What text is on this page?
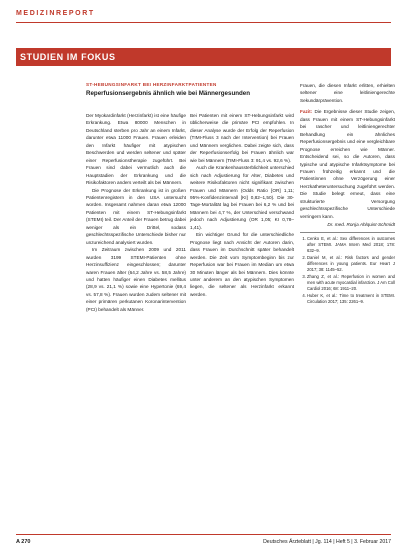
MEDIZINREPORT
STUDIEN IM FOKUS
ST-HEBUNGSINFARKT BEI HERZINFARKTPATIENTEN
Reperfusionsergebnis ähnlich wie bei Männergesunden

Der Myokardinfarkt (Herzinfarkt) ist eine häufige Erkrankung. Etwa 80000 Menschen in Deutschland sterben pro Jahr an einem Infarkt, darunter etwa 11000 Frauen. Frauen erleiden den Infarkt häufiger mit atypischen Beschwerden und werden seltener und später einer Reperfusionstherapie zugeführt. Bei Frauen sind dabei vermutlich auch die Hauptstadien der Erkrankung und die Risikofaktoren anders verteilt als bei Männern.

Die Prognose der Erkrankung ist in großen Patientenregistern in den USA untersucht worden. Insgesamt nahmen daran etwa 12000 Patienten mit einem ST-Hebungsinfarkt (STEMI) teil. Der Anteil der Frauen betrug dabei weniger als ein Drittel, sodass geschlechtsspezifische Unterschiede bisher nur unzureichend analysiert wurden.

Im Zeitraum zwischen 2009 und 2011 wurden 3199 STEMI-Patienten ohne Herzinsuffizienz eingeschlossen; darunter waren Frauen älter (64,2 Jahre vs. 58,5 Jahre) und hatten häufiger einen Diabetes mellitus (28,9 vs. 21,1 %) sowie eine Hypertonie (69,4 vs. 57,8 %). Frauen wurden zudem seltener mit einer primären perkutanen Koronarintervention (PCI) behandelt als Männer.

Bei Patienten mit einem ST-Hebungsinfarkt wird üblicherweise die primäre PCI empfohlen. In dieser Analyse wurde der Erfolg der Reperfusion (TIMI-Fluss 3 nach der Intervention) bei Frauen und Männern verglichen. Dabei zeigte sich, dass der Reperfusionserfolg bei Frauen ähnlich war wie bei Männern (TIMI-Fluss 3: 91,4 vs. 92,6 %).

Auch die Krankenhaussterblichkeit unterschied sich nach Adjustierung für Alter, Diabetes und weitere Risikofaktoren nicht signifikant zwischen Frauen und Männern (Odds Ratio [OR] 1,11; 95%-Konfidenzintervall [KI] 0,82–1,50). Die 30-Tage-Mortalität lag bei Frauen bei 6,2 % und bei Männern bei 4,7 %, der Unterschied verschwand jedoch nach Adjustierung (OR 1,05; KI 0,78–1,41).

Ein wichtiger Grund für die unterschiedliche Prognose liegt nach Ansicht der Autoren darin, dass Frauen im Durchschnitt später behandelt werden. Die Zeit vom Symptombeginn bis zur Reperfusion war bei Frauen im Median um etwa 30 Minuten länger als bei Männern. Dies könnte unter anderem an den atypischen Symptomen liegen, die seltener als Herzinfarkt erkannt werden.

Frauen, die diesen Infarkt erlitten, erhielten seltener eine leitliniengerechte Sekundärprävention.

Fazit: Die Ergebnisse dieser Studie zeigen, dass Frauen mit einem ST-Hebungsinfarkt bei rascher und leitliniengerechter Behandlung ein ähnliches Reperfusionsergebnis und eine vergleichbare Prognose erreichen wie Männer. Entscheidend sei, so die Autoren, dass typische und atypische Infarktsymptome bei Frauen frühzeitig erkannt und die Patientinnen ohne Verzögerung einer Herzkatheteruntersuchung zugeführt werden. Die Studie belegt erneut, dass eine strukturierte Versorgung geschlechtsspezifische Unterschiede verringern kann.

Dr. med. Ronja Ahlquist-Schmidt
1. Cenko E, et al.: Sex differences in outcomes after STEMI. JAMA Intern Med 2018; 178: 632–9.
2. Daniel M, et al.: Risk factors and gender differences in young patients. Eur Heart J 2017; 38: 1145–52.
3. Zhang Z, et al.: Reperfusion in women and men with acute myocardial infarction. J Am Coll Cardiol 2016; 68: 1911–20.
4. Huber K, et al.: Time to treatment in STEMI. Circulation 2017; 135: 2261–9.
A 270	Deutsches Ärzteblatt | Jg. 114 | Heft 5 | 3. Februar 2017
